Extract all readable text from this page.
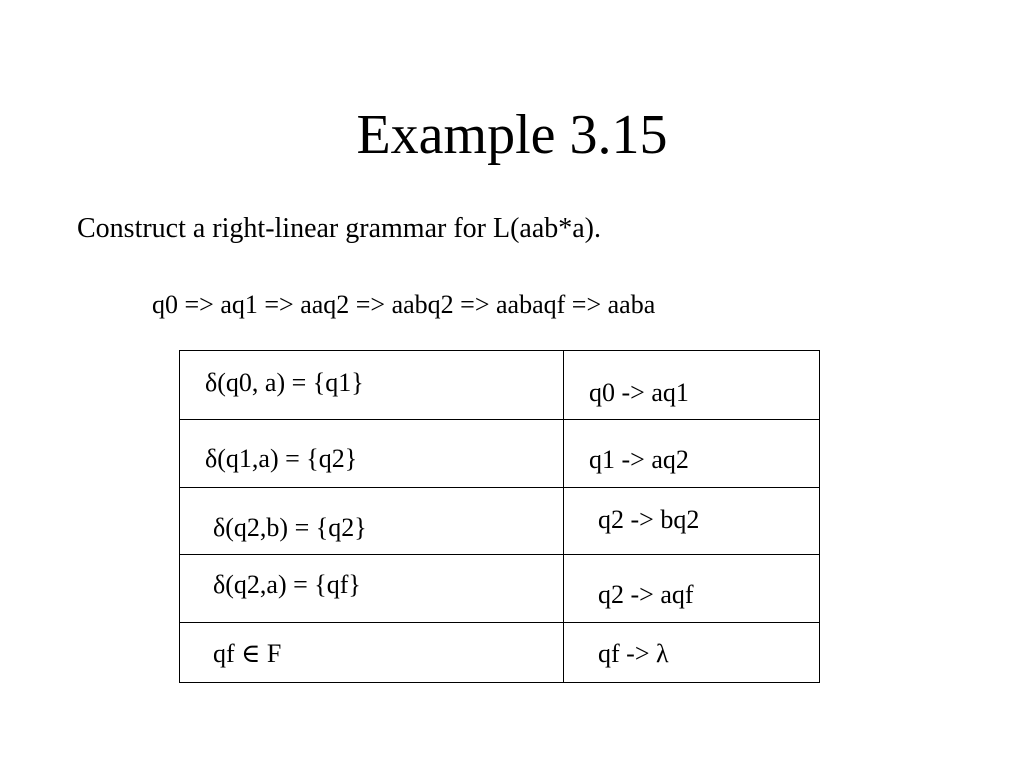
Example 3.15
Construct a right-linear grammar for L(aab*a).
q0 => aq1 => aaq2 => aabq2 => aabaqf => aaba
δ(q0, a) = {q1}	q0 -> aq1
δ(q1,a) = {q2}	q1 -> aq2
δ(q2,b) = {q2}	q2 -> bq2
δ(q2,a) = {qf}	q2 -> aqf
qf ∈ F	qf -> λ
